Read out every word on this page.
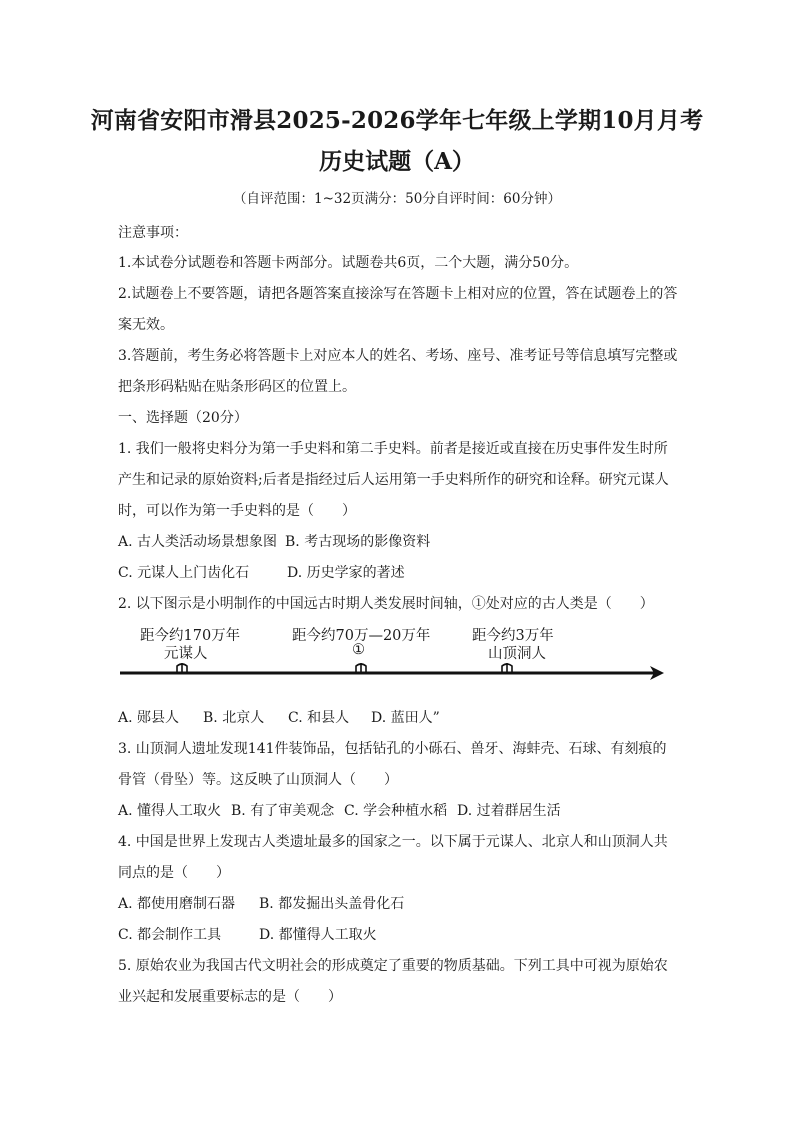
河南省安阳市滑县2025-2026学年七年级上学期10月月考
历史试题（A）
（自评范围：1~32页满分：50分自评时间：60分钟）
注意事项：
1.本试卷分试题卷和答题卡两部分。试题卷共6页，二个大题，满分50分。
2.试题卷上不要答题，请把各题答案直接涂写在答题卡上相对应的位置，答在试题卷上的答
案无效。
3.答题前，考生务必将答题卡上对应本人的姓名、考场、座号、准考证号等信息填写完整或
把条形码粘贴在贴条形码区的位置上。
一、选择题（20分）
1. 我们一般将史料分为第一手史料和第二手史料。前者是接近或直接在历史事件发生时所
产生和记录的原始资料;后者是指经过后人运用第一手史料所作的研究和诠释。研究元谋人
时，可以作为第一手史料的是（　　）
A. 古人类活动场景想象图 B. 考古现场的影像资料
C. 元谋人上门齿化石	D. 历史学家的著述
2. 以下图示是小明制作的中国远古时期人类发展时间轴，①处对应的古人类是（　　）
距今约170万年
元谋人
距今约70万—20万年
①
距今约3万年
山顶洞人
A. 郧县人 B. 北京人 C. 和县人 D. 蓝田人”
3. 山顶洞人遗址发现141件装饰品，包括钻孔的小砾石、兽牙、海蚌壳、石球、有刻痕的
骨管（骨坠）等。这反映了山顶洞人（　　）
A. 懂得人工取火 B. 有了审美观念 C. 学会种植水稻 D. 过着群居生活
4. 中国是世界上发现古人类遗址最多的国家之一。以下属于元谋人、北京人和山顶洞人共
同点的是（　　）
A. 都使用磨制石器 B. 都发掘出头盖骨化石
C. 都会制作工具	D. 都懂得人工取火
5. 原始农业为我国古代文明社会的形成奠定了重要的物质基础。下列工具中可视为原始农
业兴起和发展重要标志的是（　　）
